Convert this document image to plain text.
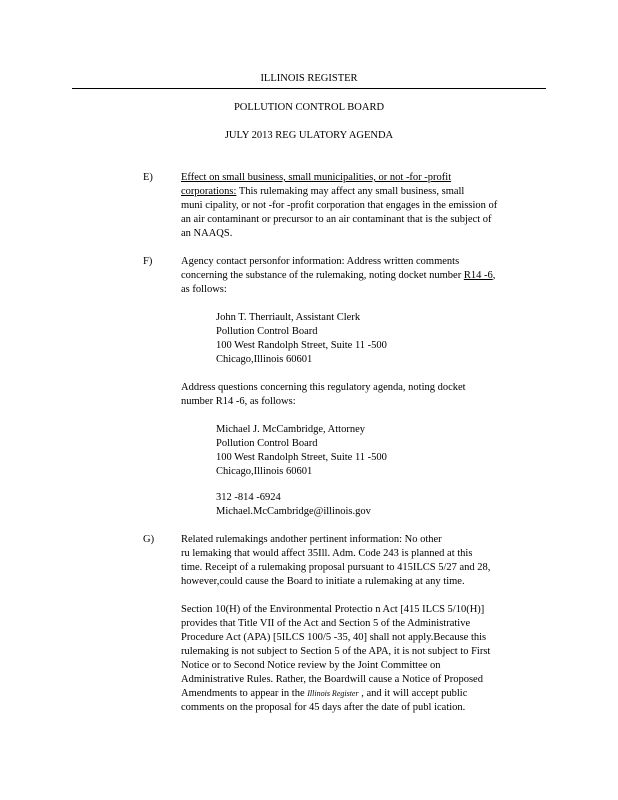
ILLINOIS REGISTER
POLLUTION CONTROL BOARD
JULY 2013 REG ULATORY AGENDA
E)	Effect on small business, small municipalities, or not -for -profit
corporations: This rulemaking may affect any small business, small
muni cipality, or not -for -profit corporation that engages in the emission of
an air contaminant or precursor to an air contaminant that is the subject of
an NAAQS.
F)	Agency contact personfor information: Address written comments
concerning the substance of the rulemaking, noting docket number R14 -6,
as follows:
John T. Therriault, Assistant Clerk
Pollution Control Board
100 West Randolph Street, Suite 11 -500
Chicago,Illinois 60601
Address questions concerning this regulatory agenda, noting docket
number R14 -6, as follows:
Michael J. McCambridge, Attorney
Pollution Control Board
100 West Randolph Street, Suite 11 -500
Chicago,Illinois 60601
312 -814 -6924
Michael.McCambridge@illinois.gov
G)	Related rulemakings andother pertinent information: No other
ru lemaking that would affect 35Ill. Adm. Code 243 is planned at this
time. Receipt of a rulemaking proposal pursuant to 415ILCS 5/27 and 28,
however,could cause the Board to initiate a rulemaking at any time.
Section 10(H) of the Environmental Protectio n Act [415 ILCS 5/10(H)]
provides that Title VII of the Act and Section 5 of the Administrative
Procedure Act (APA) [5ILCS 100/5 -35, 40] shall not apply.Because this
rulemaking is not subject to Section 5 of the APA, it is not subject to First
Notice or to Second Notice review by the Joint Committee on
Administrative Rules. Rather, the Boardwill cause a Notice of Proposed
Amendments to appear in the Illinois Register , and it will accept public
comments on the proposal for 45 days after the date of publ ication.
